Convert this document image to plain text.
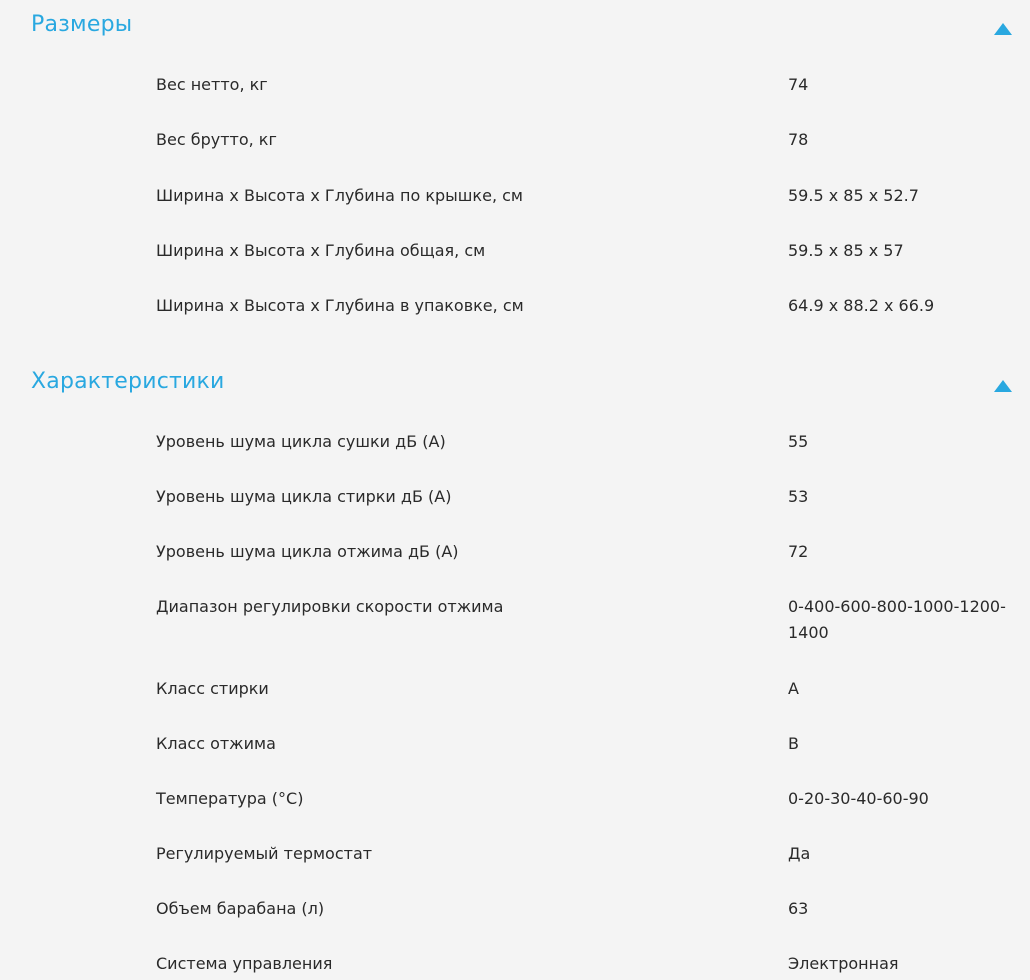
Размеры
Вес нетто, кг	74
Вес брутто, кг	78
Ширина x Высота x Глубина по крышке, см	59.5 x 85 x 52.7
Ширина x Высота x Глубина общая, см	59.5 x 85 x 57
Ширина x Высота x Глубина в упаковке, см	64.9 x 88.2 x 66.9
Характеристики
Уровень шума цикла сушки дБ (А)	55
Уровень шума цикла стирки дБ (А)	53
Уровень шума цикла отжима дБ (А)	72
Диапазон регулировки скорости отжима	0-400-600-800-1000-1200-1400
Класс стирки	A
Класс отжима	B
Температура (°C)	0-20-30-40-60-90
Регулируемый термостат	Да
Объем барабана (л)	63
Система управления	Электронная
